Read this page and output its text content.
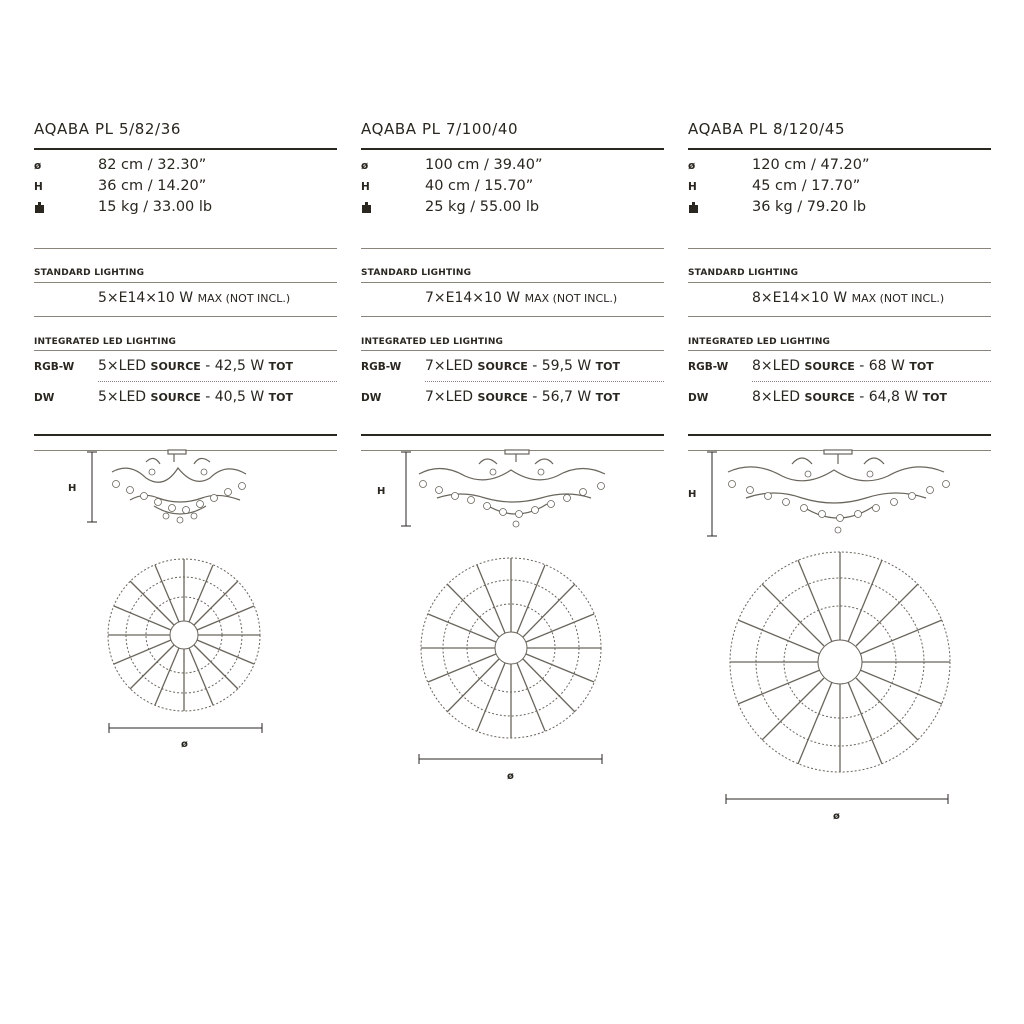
AQABA PL 5/82/36
ø	82 cm / 32.30”
H	36 cm / 14.20”
15 kg / 33.00 lb
STANDARD LIGHTING
5×E14×10 W MAX (NOT INCL.)
INTEGRATED LED LIGHTING
RGB-W 5×LED SOURCE - 42,5 W TOT
DW	5×LED SOURCE - 40,5 W TOT
H
ø
AQABA PL 7/100/40
ø	100 cm / 39.40”
H	40 cm / 15.70”
25 kg / 55.00 lb
STANDARD LIGHTING
7×E14×10 W MAX (NOT INCL.)
INTEGRATED LED LIGHTING
RGB-W 7×LED SOURCE - 59,5 W TOT
DW	7×LED SOURCE - 56,7 W TOT
H
ø
AQABA PL 8/120/45
ø	120 cm / 47.20”
H	45 cm / 17.70”
36 kg / 79.20 lb
STANDARD LIGHTING
8×E14×10 W MAX (NOT INCL.)
INTEGRATED LED LIGHTING
RGB-W 8×LED SOURCE - 68 W TOT
DW	8×LED SOURCE - 64,8 W TOT
H
ø
